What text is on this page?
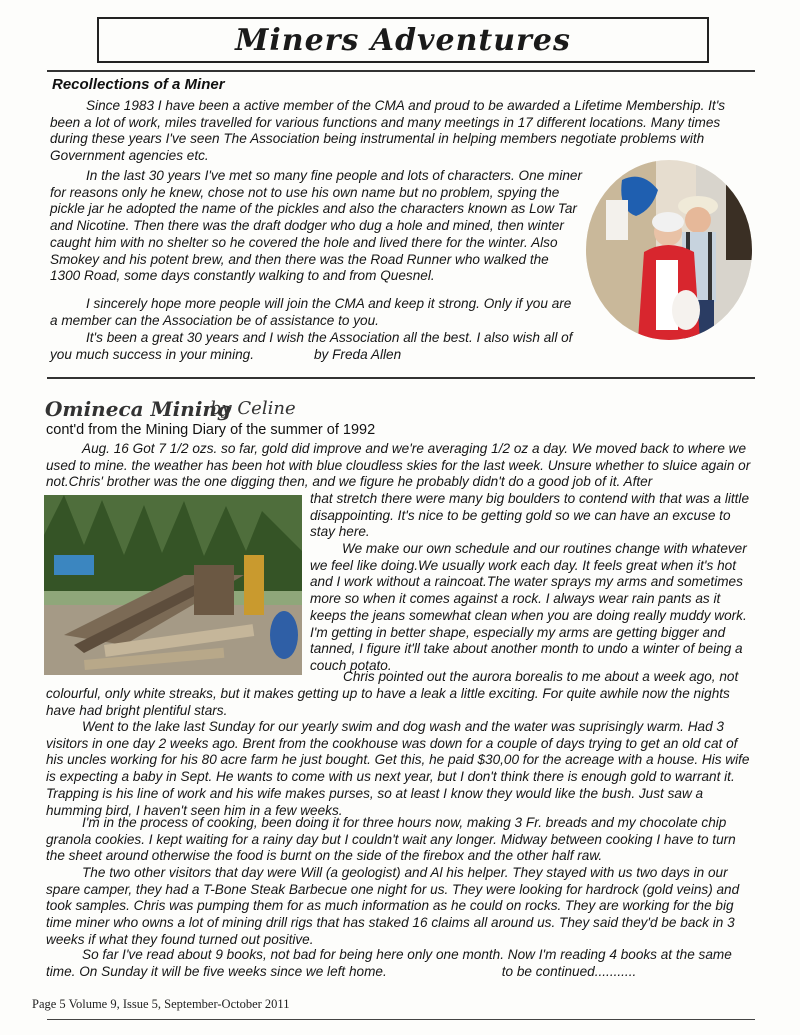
Miners Adventures
Recollections of a Miner

Since 1983 I have been a active member of the CMA and proud to be awarded a Lifetime Membership. It's been a lot of work, miles travelled for various functions and many meetings in 17 different locations. Many times during these years I've seen The Association being instrumental in helping members negotiate problems with Government agencies etc.

In the last 30 years I've met so many fine people and lots of characters. One miner for reasons only he knew, chose not to use his own name but no problem, spying the pickle jar he adopted the name of the pickles and also the characters known as Low Tar and Nicotine. Then there was the draft dodger who dug a hole and mined, then winter caught him with no shelter so he covered the hole and lived there for the winter. Also Smokey and his potent brew, and then there was the Road Runner who walked the 1300 Road, some days constantly walking to and from Quesnel.

I sincerely hope more people will join the CMA and keep it strong. Only if you are a member can the Association be of assistance to you.

It's been a great 30 years and I wish the Association all the best. I also wish all of you much success in your mining.	by Freda Allen

Omineca Mining
by Celine
cont'd from the Mining Diary of the summer of 1992

Aug. 16 Got 7 1/2 ozs. so far, gold did improve and we're averaging 1/2 oz a day. We moved back to where we used to mine. the weather has been hot with blue cloudless skies for the last week. Unsure whether to sluice again or not.Chris' brother was the one digging then, and we figure he probably didn't do a good job of it. After

that stretch there were many big boulders to contend with that was a little disappointing. It's nice to be getting gold so we can have an excuse to stay here.

We make our own schedule and our routines change with whatever we feel like doing.We usually work each day. It feels great when it's hot and I work without a raincoat.The water sprays my arms and sometimes more so when it comes against a rock. I always wear rain pants as it keeps the jeans somewhat clean when you are doing really muddy work. I'm getting in better shape, especially my arms are getting bigger and tanned, I figure it'll take about another month to undo a winter of being a couch potato.

Chris pointed out the aurora borealis to me about a week ago, not

colourful, only white streaks, but it makes getting up to have a leak a little exciting. For quite awhile now the nights have had bright plentiful stars.

Went to the lake last Sunday for our yearly swim and dog wash and the water was suprisingly warm. Had 3 visitors in one day 2 weeks ago. Brent from the cookhouse was down for a couple of days trying to get an old cat of his uncles working for his 80 acre farm he just bought. Get this, he paid $30,00 for the acreage with a house. His wife is expecting a baby in Sept. He wants to come with us next year, but I don't think there is enough gold to warrant it. Trapping is his line of work and his wife makes purses, so at least I know they would like the bush. Just saw a humming bird, I haven't seen him in a few weeks.

I'm in the process of cooking, been doing it for three hours now, making 3 Fr. breads and my chocolate chip granola cookies. I kept waiting for a rainy day but I couldn't wait any longer. Midway between cooking I have to turn the sheet around otherwise the food is burnt on the side of the firebox and the other half raw.

The two other visitors that day were Will (a geologist) and Al his helper. They stayed with us two days in our spare camper, they had a T-Bone Steak Barbecue one night for us. They were looking for hardrock (gold veins) and took samples. Chris was pumping them for as much information as he could on rocks. They are working for the big time miner who owns a lot of mining drill rigs that has staked 16 claims all around us. They said they'd be back in 3 weeks if what they found turned out positive.

So far I've read about 9 books, not bad for being here only one month. Now I'm reading 4 books at the same time. On Sunday it will be five weeks since we left home.	to be continued...........

Page 5 Volume 9, Issue 5, September-October 2011
